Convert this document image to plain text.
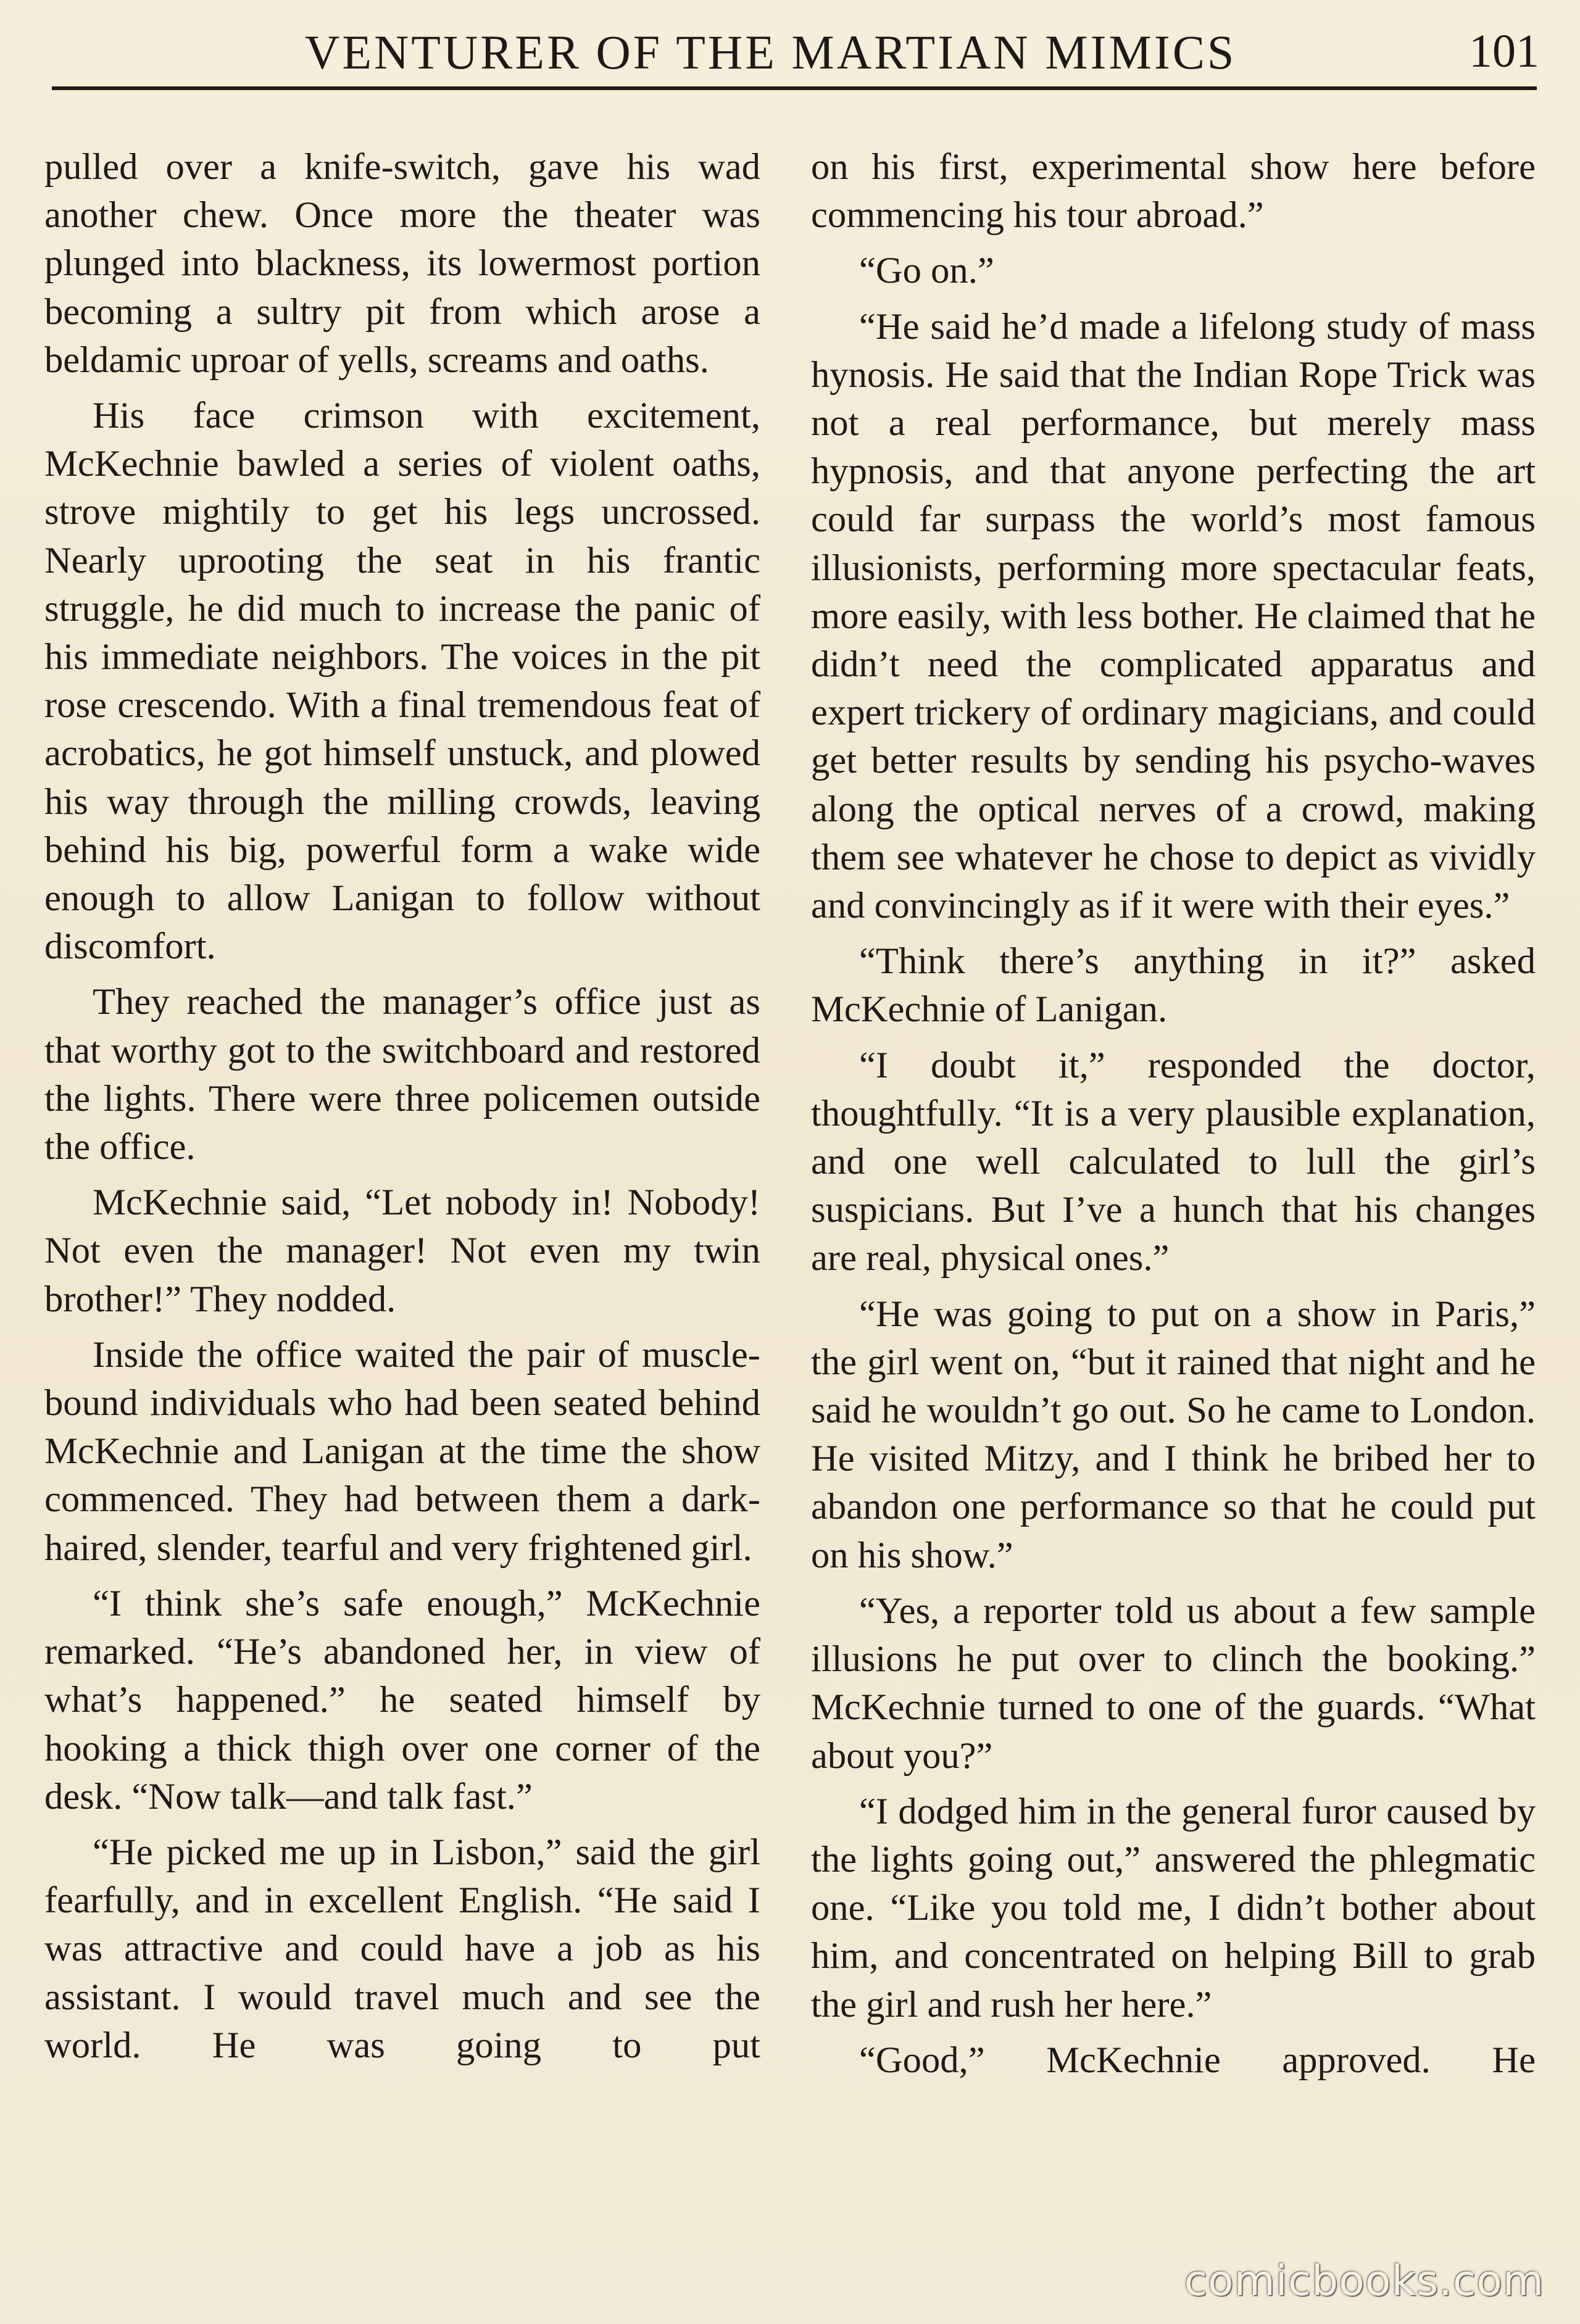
VENTURER OF THE MARTIAN MIMICS	101

pulled over a knife-switch, gave his wad another chew. Once more the theater was plunged into blackness, its lowermost portion becoming a sultry pit from which arose a beldamic uproar of yells, screams and oaths.

His face crimson with excitement, McKechnie bawled a series of violent oaths, strove mightily to get his legs uncrossed. Nearly uprooting the seat in his frantic struggle, he did much to increase the panic of his immediate neighbors. The voices in the pit rose crescendo. With a final tremendous feat of acrobatics, he got himself unstuck, and plowed his way through the milling crowds, leaving behind his big, powerful form a wake wide enough to allow Lanigan to follow without discomfort.

They reached the manager’s office just as that worthy got to the switchboard and restored the lights. There were three policemen outside the office.

McKechnie said, “Let nobody in! Nobody! Not even the manager! Not even my twin brother!” They nodded.

Inside the office waited the pair of muscle-bound individuals who had been seated behind McKechnie and Lanigan at the time the show commenced. They had between them a dark-haired, slender, tearful and very frightened girl.

“I think she’s safe enough,” McKechnie remarked. “He’s abandoned her, in view of what’s happened.” he seated himself by hooking a thick thigh over one corner of the desk. “Now talk—and talk fast.”

“He picked me up in Lisbon,” said the girl fearfully, and in excellent English. “He said I was attractive and could have a job as his assistant. I would travel much and see the world. He was going to put

on his first, experimental show here before commencing his tour abroad.”

“Go on.”

“He said he’d made a lifelong study of mass hynosis. He said that the Indian Rope Trick was not a real performance, but merely mass hypnosis, and that anyone perfecting the art could far surpass the world’s most famous illusionists, performing more spectacular feats, more easily, with less bother. He claimed that he didn’t need the complicated apparatus and expert trickery of ordinary magicians, and could get better results by sending his psycho-waves along the optical nerves of a crowd, making them see whatever he chose to depict as vividly and convincingly as if it were with their eyes.”

“Think there’s anything in it?” asked McKechnie of Lanigan.

“I doubt it,” responded the doctor, thoughtfully. “It is a very plausible explanation, and one well calculated to lull the girl’s suspicians. But I’ve a hunch that his changes are real, physical ones.”

“He was going to put on a show in Paris,” the girl went on, “but it rained that night and he said he wouldn’t go out. So he came to London. He visited Mitzy, and I think he bribed her to abandon one performance so that he could put on his show.”

“Yes, a reporter told us about a few sample illusions he put over to clinch the booking.” McKechnie turned to one of the guards. “What about you?”

“I dodged him in the general furor caused by the lights going out,” answered the phlegmatic one. “Like you told me, I didn’t bother about him, and concentrated on helping Bill to grab the girl and rush her here.”

“Good,” McKechnie approved. He

comicbooks.com
